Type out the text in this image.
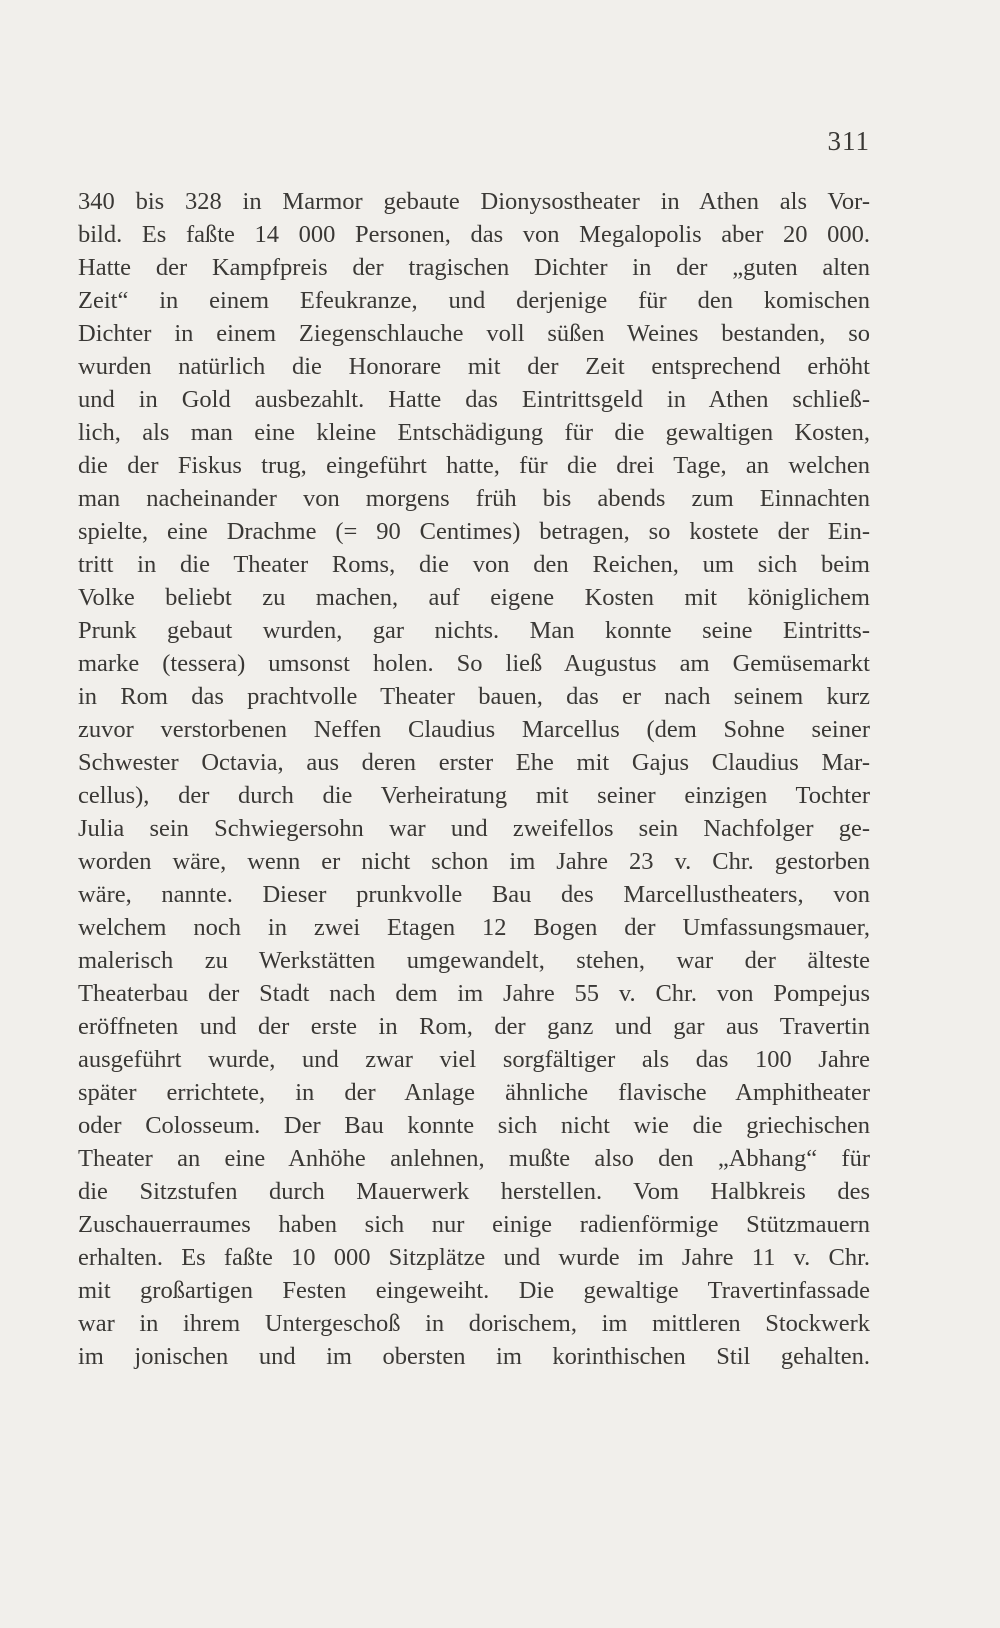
311
340 bis 328 in Marmor gebaute Dionysostheater in Athen als Vor-
bild. Es faßte 14 000 Personen, das von Megalopolis aber 20 000.
Hatte der Kampfpreis der tragischen Dichter in der „guten alten
Zeit“ in einem Efeukranze, und derjenige für den komischen
Dichter in einem Ziegenschlauche voll süßen Weines bestanden, so
wurden natürlich die Honorare mit der Zeit entsprechend erhöht
und in Gold ausbezahlt. Hatte das Eintrittsgeld in Athen schließ-
lich, als man eine kleine Entschädigung für die gewaltigen Kosten,
die der Fiskus trug, eingeführt hatte, für die drei Tage, an welchen
man nacheinander von morgens früh bis abends zum Einnachten
spielte, eine Drachme (= 90 Centimes) betragen, so kostete der Ein-
tritt in die Theater Roms, die von den Reichen, um sich beim
Volke beliebt zu machen, auf eigene Kosten mit königlichem
Prunk gebaut wurden, gar nichts. Man konnte seine Eintritts-
marke (tessera) umsonst holen. So ließ Augustus am Gemüsemarkt
in Rom das prachtvolle Theater bauen, das er nach seinem kurz
zuvor verstorbenen Neffen Claudius Marcellus (dem Sohne seiner
Schwester Octavia, aus deren erster Ehe mit Gajus Claudius Mar-
cellus), der durch die Verheiratung mit seiner einzigen Tochter
Julia sein Schwiegersohn war und zweifellos sein Nachfolger ge-
worden wäre, wenn er nicht schon im Jahre 23 v. Chr. gestorben
wäre, nannte. Dieser prunkvolle Bau des Marcellustheaters, von
welchem noch in zwei Etagen 12 Bogen der Umfassungsmauer,
malerisch zu Werkstätten umgewandelt, stehen, war der älteste
Theaterbau der Stadt nach dem im Jahre 55 v. Chr. von Pompejus
eröffneten und der erste in Rom, der ganz und gar aus Travertin
ausgeführt wurde, und zwar viel sorgfältiger als das 100 Jahre
später errichtete, in der Anlage ähnliche flavische Amphitheater
oder Colosseum. Der Bau konnte sich nicht wie die griechischen
Theater an eine Anhöhe anlehnen, mußte also den „Abhang“ für
die Sitzstufen durch Mauerwerk herstellen. Vom Halbkreis des
Zuschauerraumes haben sich nur einige radienförmige Stützmauern
erhalten. Es faßte 10 000 Sitzplätze und wurde im Jahre 11 v. Chr.
mit großartigen Festen eingeweiht. Die gewaltige Travertinfassade
war in ihrem Untergeschoß in dorischem, im mittleren Stockwerk
im jonischen und im obersten im korinthischen Stil gehalten.
